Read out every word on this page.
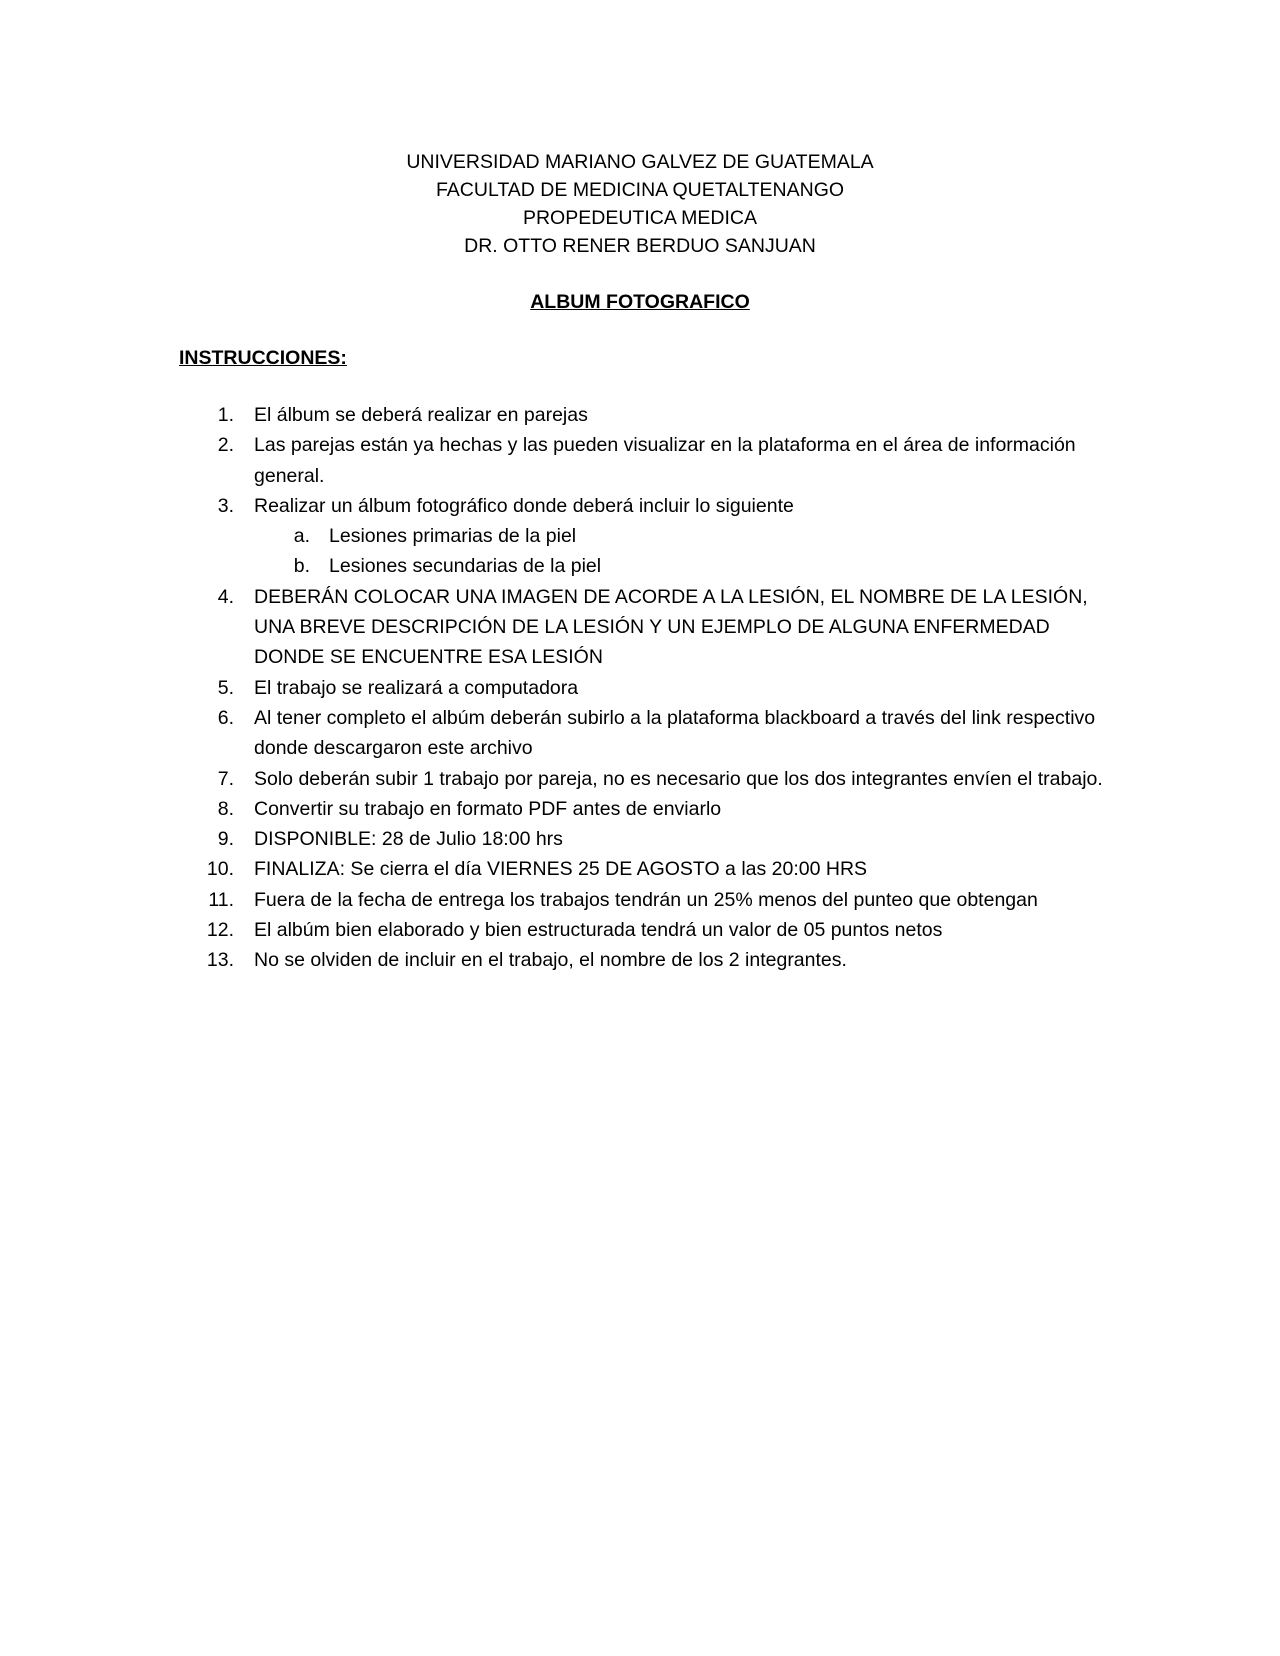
UNIVERSIDAD MARIANO GALVEZ DE GUATEMALA
FACULTAD DE MEDICINA QUETALTENANGO
PROPEDEUTICA MEDICA
DR. OTTO RENER BERDUO SANJUAN
ALBUM FOTOGRAFICO
INSTRUCCIONES:
1. El álbum se deberá realizar en parejas
2. Las parejas están ya hechas y las pueden visualizar en la plataforma en el área de información general.
3. Realizar un álbum fotográfico donde deberá incluir lo siguiente
a. Lesiones primarias de la piel
b. Lesiones secundarias de la piel
4. DEBERÁN COLOCAR UNA IMAGEN DE ACORDE A LA LESIÓN, EL NOMBRE DE LA LESIÓN, UNA BREVE DESCRIPCIÓN DE LA LESIÓN Y UN EJEMPLO DE ALGUNA ENFERMEDAD DONDE SE ENCUENTRE ESA LESIÓN
5. El trabajo se realizará a computadora
6. Al tener completo el albúm deberán subirlo a la plataforma blackboard a través del link respectivo donde descargaron este archivo
7. Solo deberán subir 1 trabajo por pareja, no es necesario que los dos integrantes envíen el trabajo.
8. Convertir su trabajo en formato PDF antes de enviarlo
9. DISPONIBLE: 28 de Julio 18:00 hrs
10. FINALIZA: Se cierra el día VIERNES 25 DE AGOSTO a las 20:00 HRS
11. Fuera de la fecha de entrega los trabajos tendrán un 25% menos del punteo que obtengan
12. El albúm bien elaborado y bien estructurada tendrá un valor de 05 puntos netos
13. No se olviden de incluir en el trabajo, el nombre de los 2 integrantes.
